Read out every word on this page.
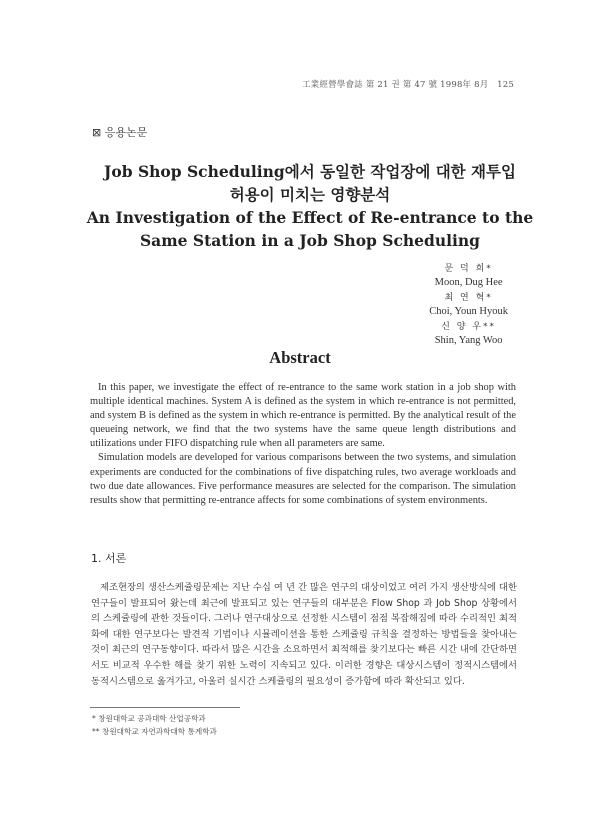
工業經營學會誌 第 21 권 第 47 號 1998年 8月　125
⊠ 응용논문

Job Shop Scheduling에서 동일한 작업장에 대한 재투입

허용이 미치는 영향분석

An Investigation of the Effect of Re-entrance to the

Same Station in a Job Shop Scheduling

문 덕 희*
Moon, Dug Hee
최 연 혁*
Choi, Youn Hyouk
신 양 우**
Shin, Yang Woo
Abstract

In this paper, we investigate the effect of re-entrance to the same work station in a job shop with multiple identical machines. System A is defined as the system in which re-entrance is not permitted, and system B is defined as the system in which re-entrance is permitted. By the analytical result of the queueing network, we find that the two systems have the same queue length distributions and utilizations under FIFO dispatching rule when all parameters are same.

Simulation models are developed for various comparisons between the two systems, and simulation experiments are conducted for the combinations of five dispatching rules, two average workloads and two due date allowances. Five performance measures are selected for the comparison. The simulation results show that permitting re-entrance affects for some combinations of system environments.

1. 서론

제조현장의 생산스케쥴링문제는 지난 수십 여 년 간 많은 연구의 대상이었고 여러 가지 생산방식에 대한 연구들이 발표되어 왔는데 최근에 발표되고 있는 연구들의 대부분은 Flow Shop 과 Job Shop 상황에서의 스케쥴링에 관한 것들이다. 그러나 연구대상으로 선정한 시스템이 점점 복잡해짐에 따라 수리적인 최적화에 대한 연구보다는 발견적 기법이나 시뮬레이션을 통한 스케쥴링 규칙을 결정하는 방법들을 찾아내는 것이 최근의 연구동향이다. 따라서 많은 시간을 소요하면서 최적해를 찾기보다는 빠른 시간 내에 간단하면서도 비교적 우수한 해를 찾기 위한 노력이 지속되고 있다. 이러한 경향은 대상시스템이 정적시스템에서 동적시스템으로 옮겨가고, 아울러 실시간 스케쥴링의 필요성이 증가함에 따라 확산되고 있다.

* 창원대학교 공과대학 산업공학과
** 창원대학교 자연과학대학 통계학과
